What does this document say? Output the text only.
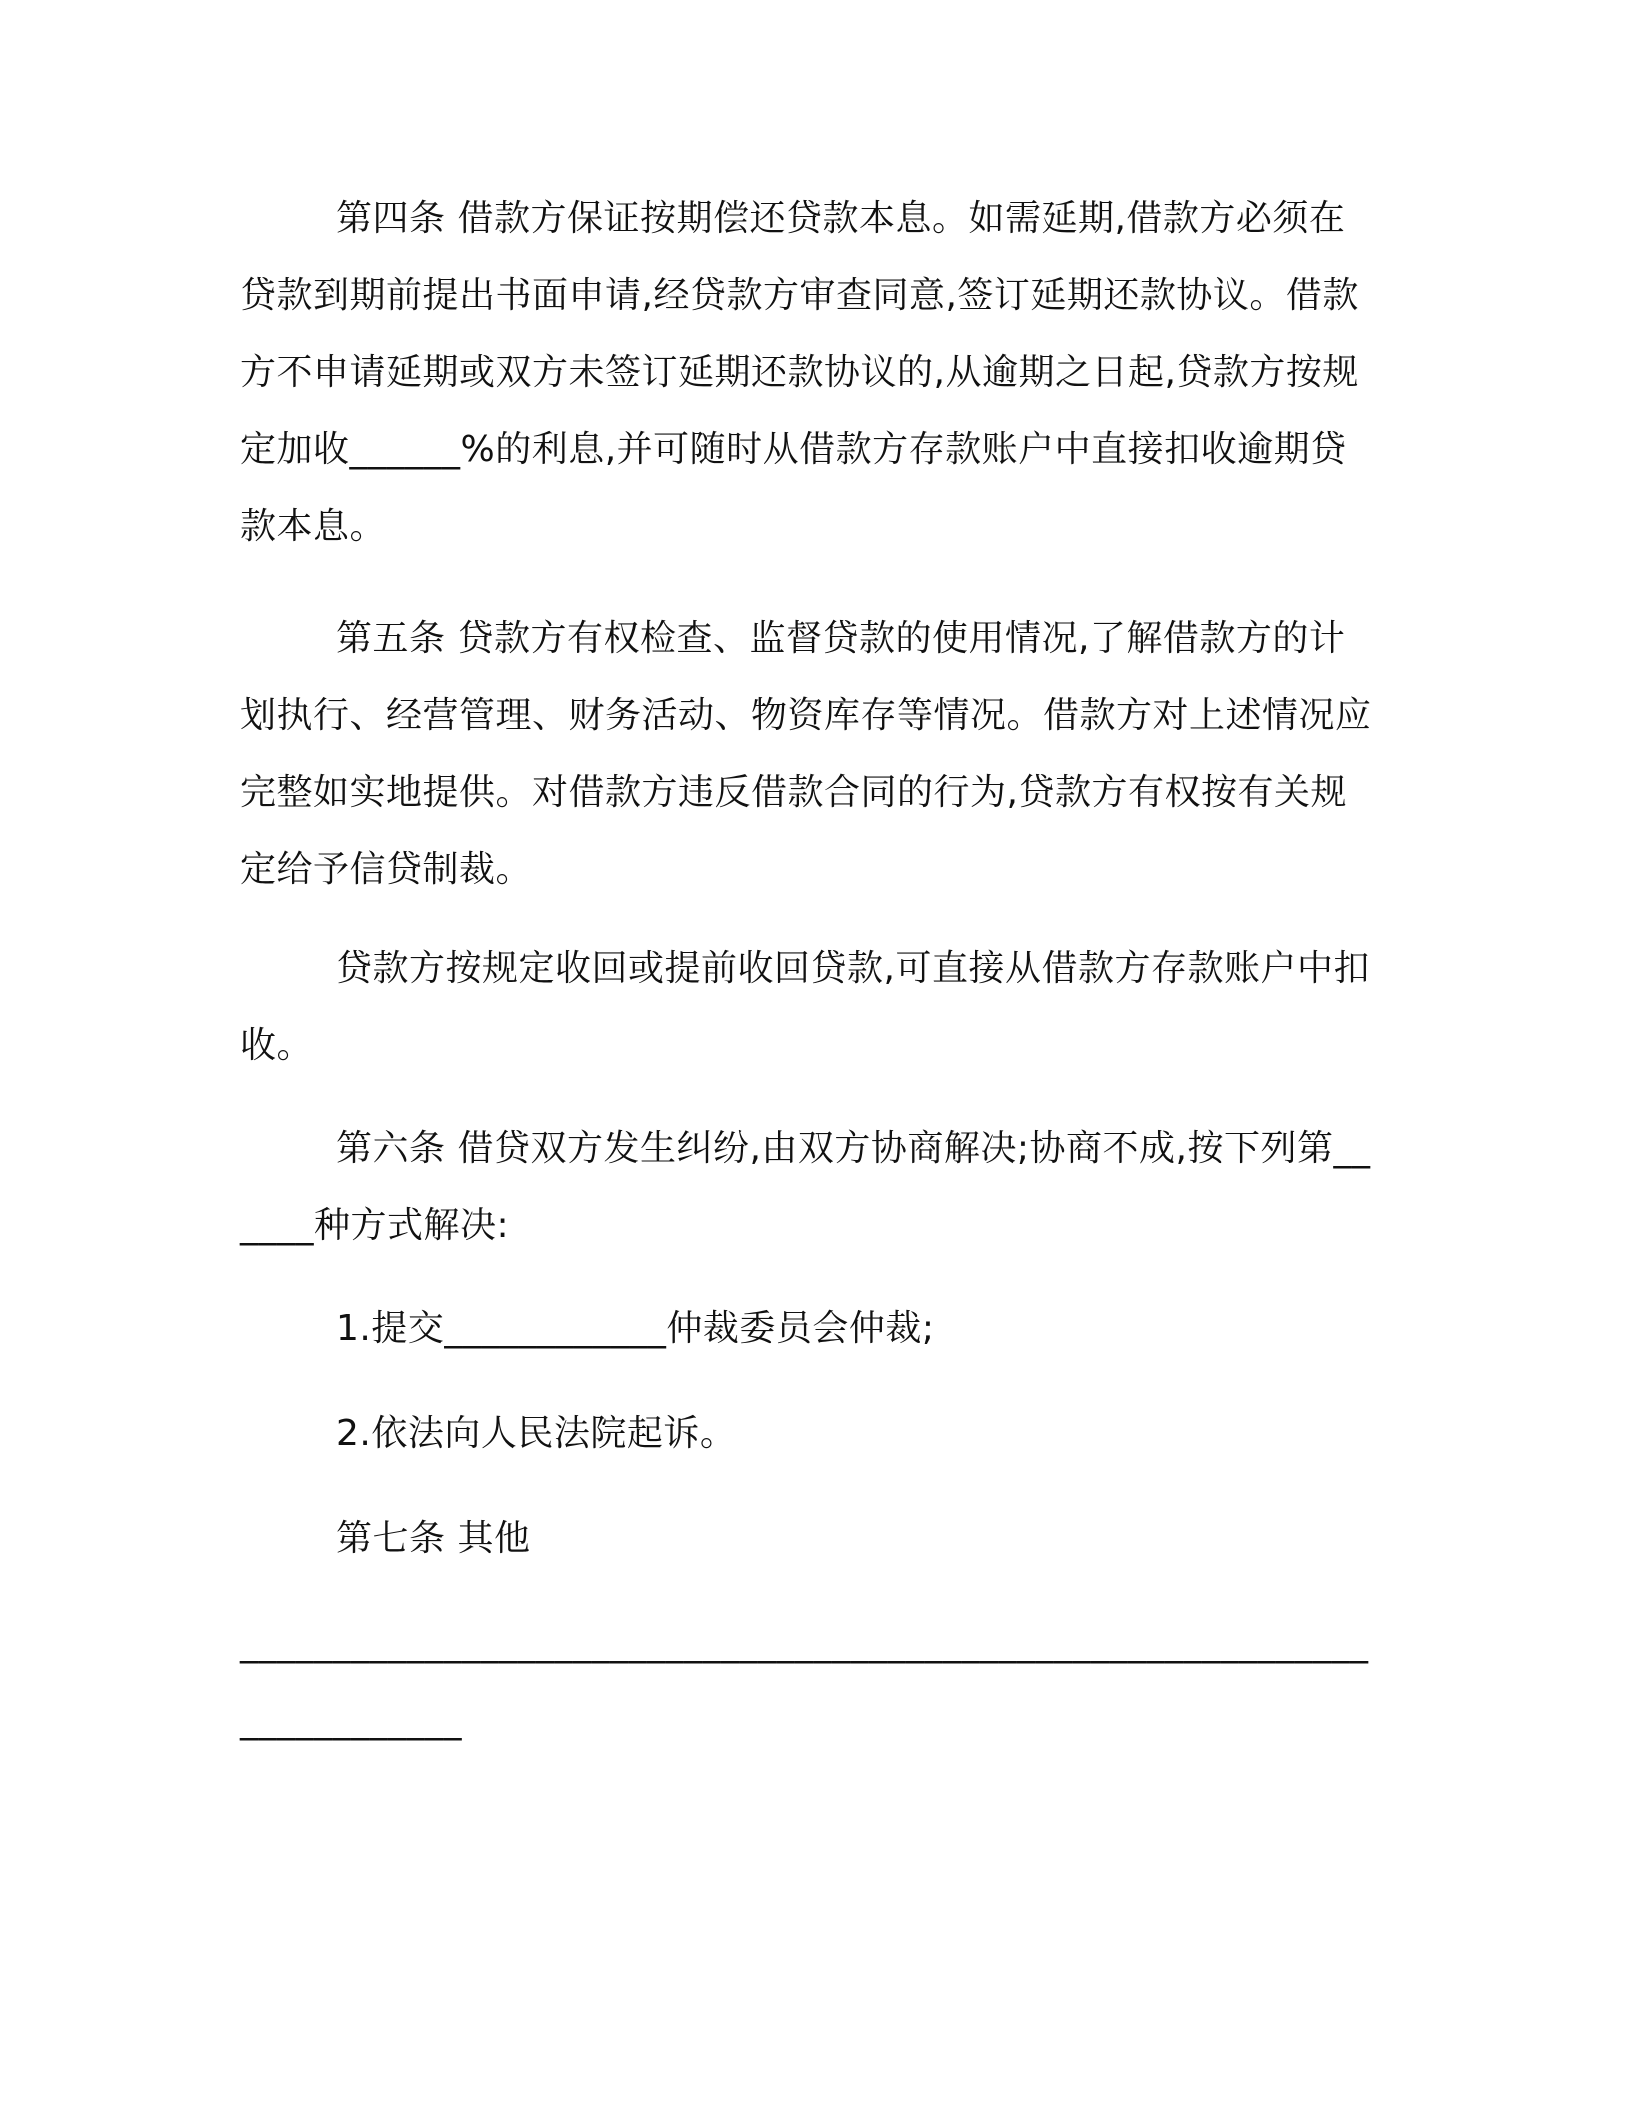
第四条 借款方保证按期偿还贷款本息。如需延期,借款方必须在贷款到期前提出书面申请,经贷款方审查同意,签订延期还款协议。借款方不申请延期或双方未签订延期还款协议的,从逾期之日起,贷款方按规定加收______%的利息,并可随时从借款方存款账户中直接扣收逾期贷款本息。

第五条 贷款方有权检查、监督贷款的使用情况,了解借款方的计划执行、经营管理、财务活动、物资库存等情况。借款方对上述情况应完整如实地提供。对借款方违反借款合同的行为,贷款方有权按有关规定给予信贷制裁。

贷款方按规定收回或提前收回贷款,可直接从借款方存款账户中扣收。

第六条 借贷双方发生纠纷,由双方协商解决;协商不成,按下列第______种方式解决:

1.提交____________仲裁委员会仲裁;

2.依法向人民法院起诉。

第七条 其他

_________________________________________________________________________
